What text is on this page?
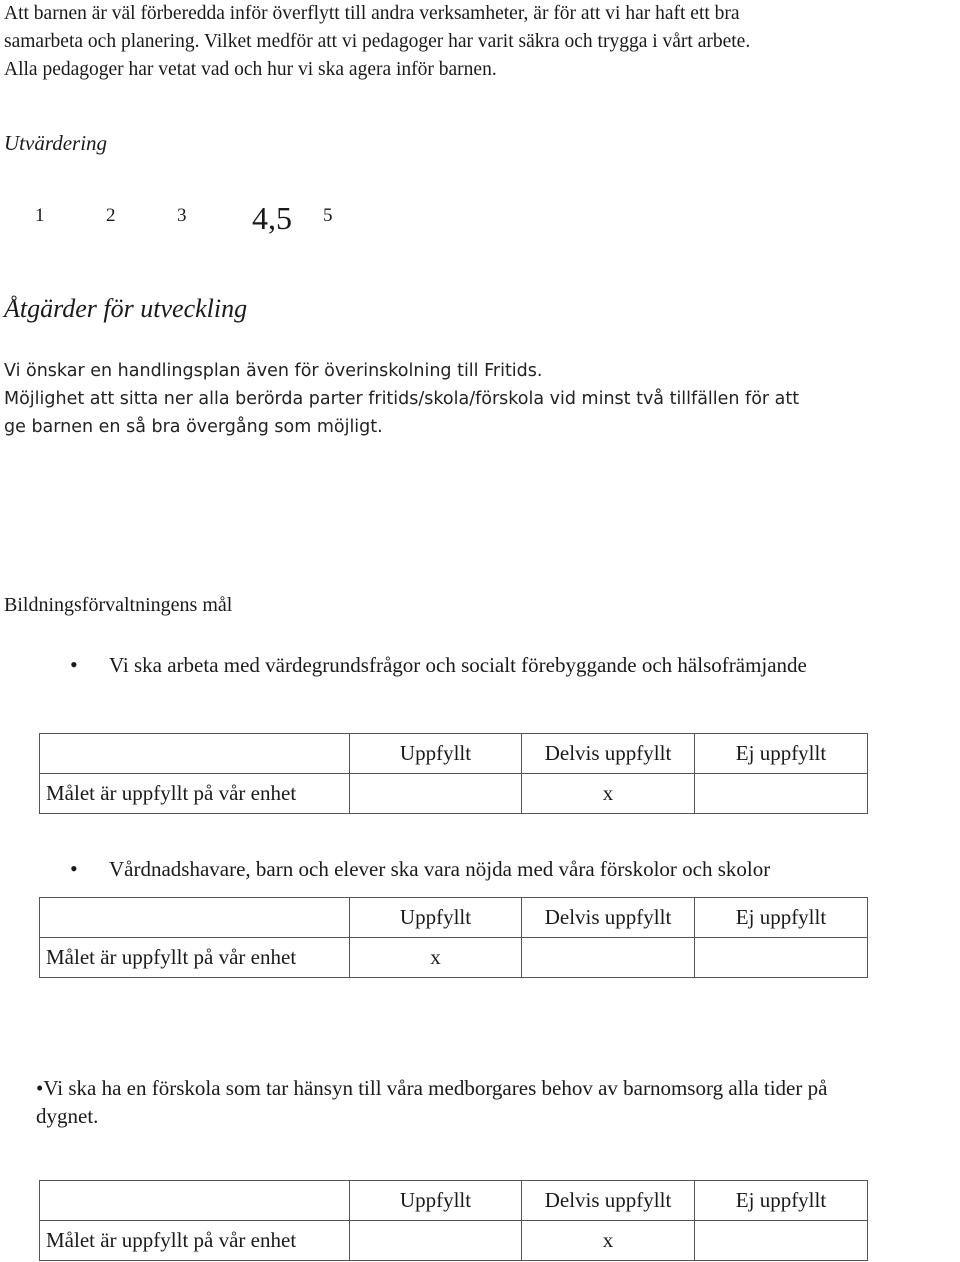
Att barnen är väl förberedda inför överflytt till andra verksamheter, är för att vi har haft ett bra
samarbeta och planering. Vilket medför att vi pedagoger har varit säkra och trygga i vårt arbete.
Alla pedagoger har vetat vad och hur vi ska agera inför barnen.
Utvärdering
1	2	3 4,5 5
Åtgärder för utveckling
Vi önskar en handlingsplan även för överinskolning till Fritids.
Möjlighet att sitta ner alla berörda parter fritids/skola/förskola vid minst två tillfällen för att
ge barnen en så bra övergång som möjligt.
Bildningsförvaltningens mål
• Vi ska arbeta med värdegrundsfrågor och socialt förebyggande och hälsofrämjande
	Uppfyllt	Delvis uppfyllt	Ej uppfyllt
Målet är uppfyllt på vår enhet		x	
• Vårdnadshavare, barn och elever ska vara nöjda med våra förskolor och skolor
	Uppfyllt	Delvis uppfyllt	Ej uppfyllt
Målet är uppfyllt på vår enhet	x		
•Vi ska ha en förskola som tar hänsyn till våra medborgares behov av barnomsorg alla tider på
dygnet.
	Uppfyllt	Delvis uppfyllt	Ej uppfyllt
Målet är uppfyllt på vår enhet		x	
